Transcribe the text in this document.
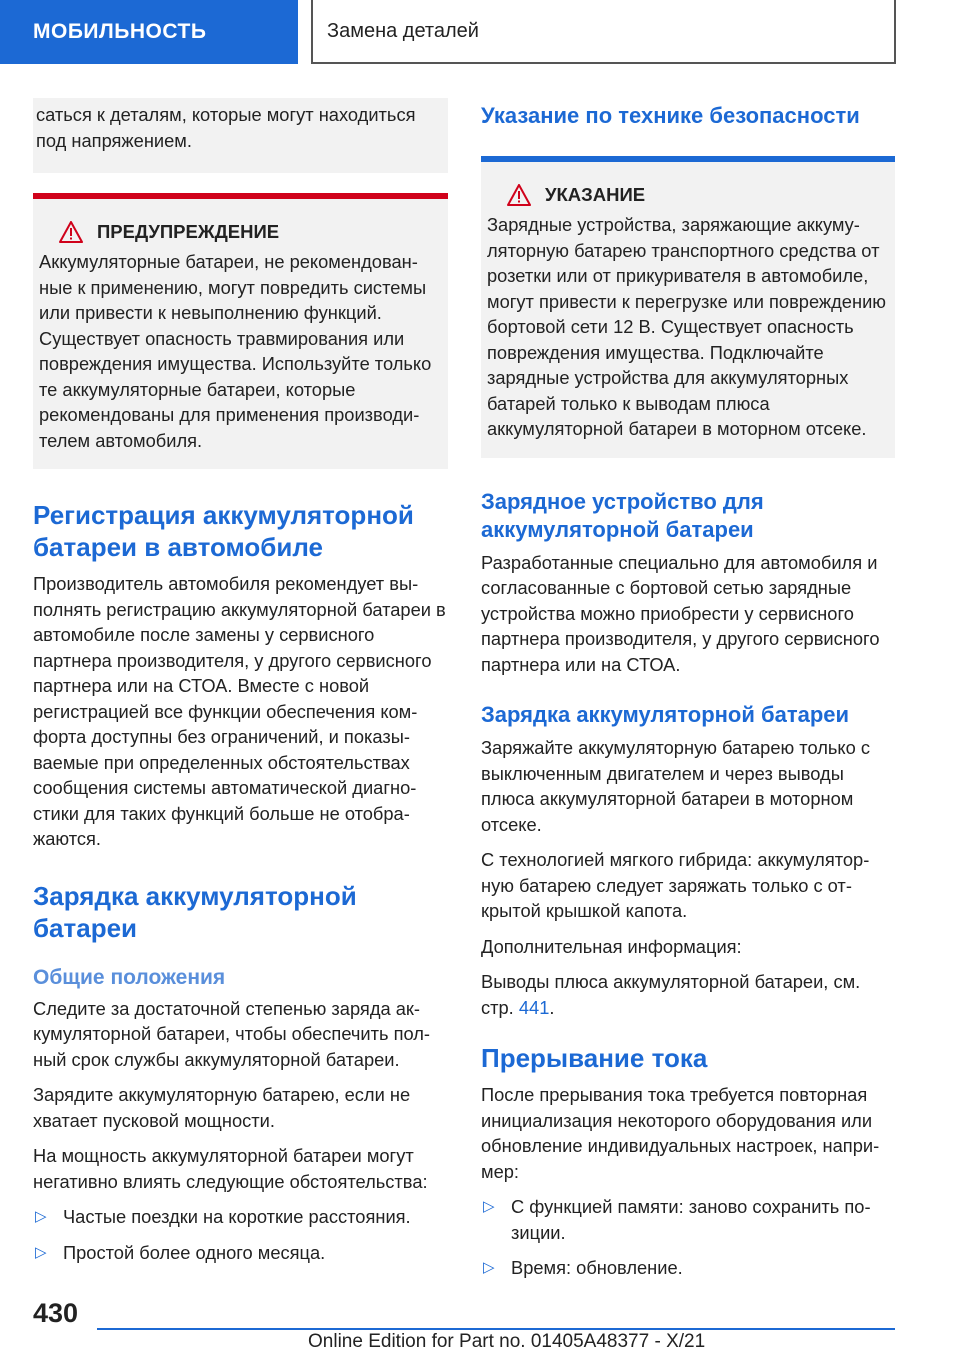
МОБИЛЬНОСТЬ	Замена деталей

саться к деталям, которые могут находиться под напряжением.

ПРЕДУПРЕЖДЕНИЕ

Аккумуляторные батареи, не рекомендованные к применению, могут повредить системы или привести к невыполнению функций. Существует опасность травмирования или повреждения имущества. Используйте только те аккумуляторные батареи, которые рекомендованы для применения производителем автомобиля.

Регистрация аккумуляторной батареи в автомобиле

Производитель автомобиля рекомендует выполнять регистрацию аккумуляторной батареи в автомобиле после замены у сервисного партнера производителя, у другого сервисного партнера или на СТОА. Вместе с новой регистрацией все функции обеспечения комфорта доступны без ограничений, и показываемые при определенных обстоятельствах сообщения системы автоматической диагностики для таких функций больше не отображаются.

Зарядка аккумуляторной батареи
Общие положения

Следите за достаточной степенью заряда аккумуляторной батареи, чтобы обеспечить полный срок службы аккумуляторной батареи.

Зарядите аккумуляторную батарею, если не хватает пусковой мощности.

На мощность аккумуляторной батареи могут негативно влиять следующие обстоятельства:

▷ Частые поездки на короткие расстояния.
▷ Простой более одного месяца.
Указание по технике безопасности
УКАЗАНИЕ

Зарядные устройства, заряжающие аккумуляторную батарею транспортного средства от розетки или от прикуривателя в автомобиле, могут привести к перегрузке или повреждению бортовой сети 12 В. Существует опасность повреждения имущества. Подключайте зарядные устройства для аккумуляторных батарей только к выводам плюса аккумуляторной батареи в моторном отсеке.

Зарядное устройство для аккумуляторной батареи

Разработанные специально для автомобиля и согласованные с бортовой сетью зарядные устройства можно приобрести у сервисного партнера производителя, у другого сервисного партнера или на СТОА.

Зарядка аккумуляторной батареи

Заряжайте аккумуляторную батарею только с выключенным двигателем и через выводы плюса аккумуляторной батареи в моторном отсеке.

С технологией мягкого гибрида: аккумуляторную батарею следует заряжать только с открытой крышкой капота.

Дополнительная информация:

Выводы плюса аккумуляторной батареи, см. стр. 441.

Прерывание тока

После прерывания тока требуется повторная инициализация некоторого оборудования или обновление индивидуальных настроек, например:

▷ С функцией памяти: заново сохранить позиции.
▷ Время: обновление.
430
Online Edition for Part no. 01405A48377 - X/21
